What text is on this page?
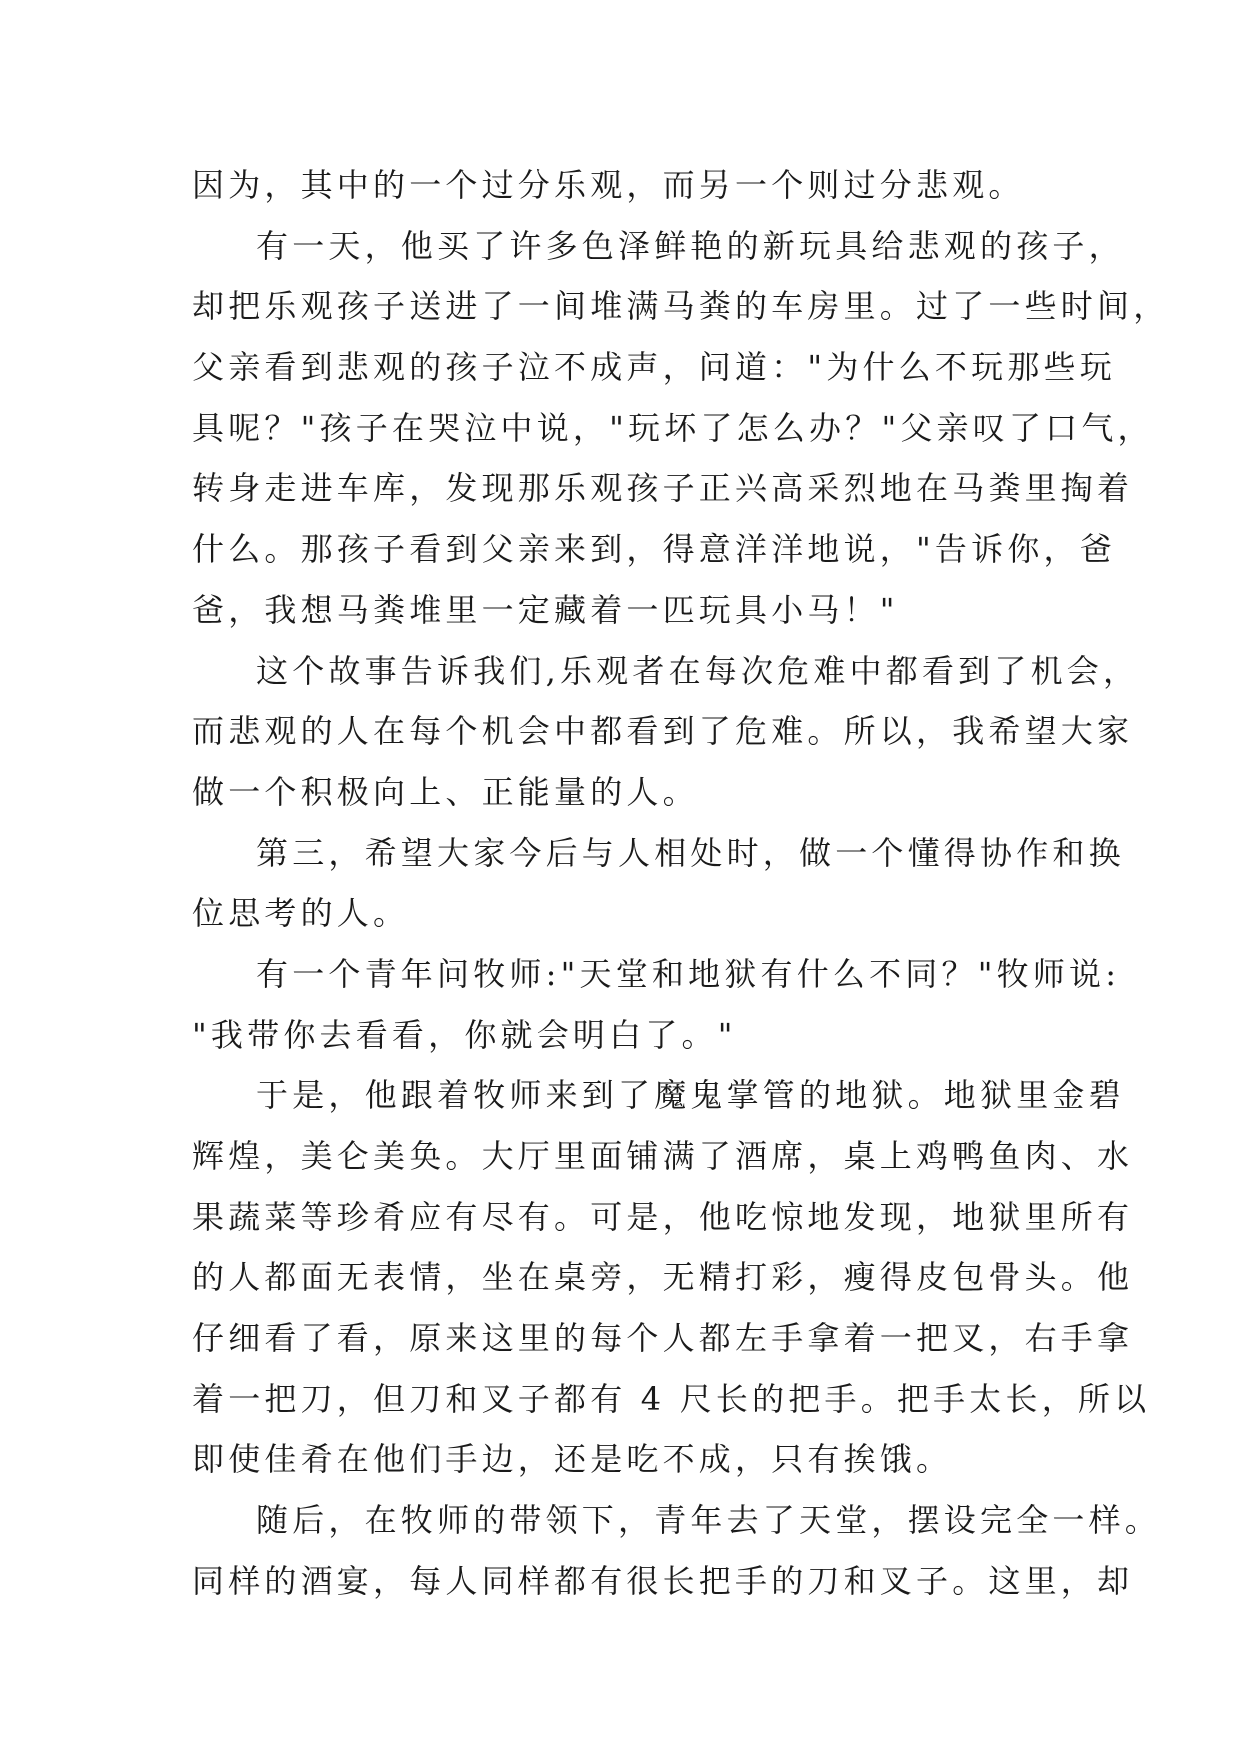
因为，其中的一个过分乐观，而另一个则过分悲观。
有一天，他买了许多色泽鲜艳的新玩具给悲观的孩子，
却把乐观孩子送进了一间堆满马粪的车房里。过了一些时间，
父亲看到悲观的孩子泣不成声，问道："为什么不玩那些玩
具呢？"孩子在哭泣中说，"玩坏了怎么办？"父亲叹了口气，
转身走进车库，发现那乐观孩子正兴高采烈地在马粪里掏着
什么。那孩子看到父亲来到，得意洋洋地说，"告诉你，爸
爸，我想马粪堆里一定藏着一匹玩具小马！"
这个故事告诉我们,乐观者在每次危难中都看到了机会，
而悲观的人在每个机会中都看到了危难。所以，我希望大家
做一个积极向上、正能量的人。
第三，希望大家今后与人相处时，做一个懂得协作和换
位思考的人。
有一个青年问牧师:"天堂和地狱有什么不同？"牧师说:
"我带你去看看，你就会明白了。"
于是，他跟着牧师来到了魔鬼掌管的地狱。地狱里金碧
辉煌，美仑美奂。大厅里面铺满了酒席，桌上鸡鸭鱼肉、水
果蔬菜等珍肴应有尽有。可是，他吃惊地发现，地狱里所有
的人都面无表情，坐在桌旁，无精打彩，瘦得皮包骨头。他
仔细看了看，原来这里的每个人都左手拿着一把叉，右手拿
着一把刀，但刀和叉子都有 4 尺长的把手。把手太长，所以
即使佳肴在他们手边，还是吃不成，只有挨饿。
随后，在牧师的带领下，青年去了天堂，摆设完全一样。
同样的酒宴，每人同样都有很长把手的刀和叉子。这里，却
